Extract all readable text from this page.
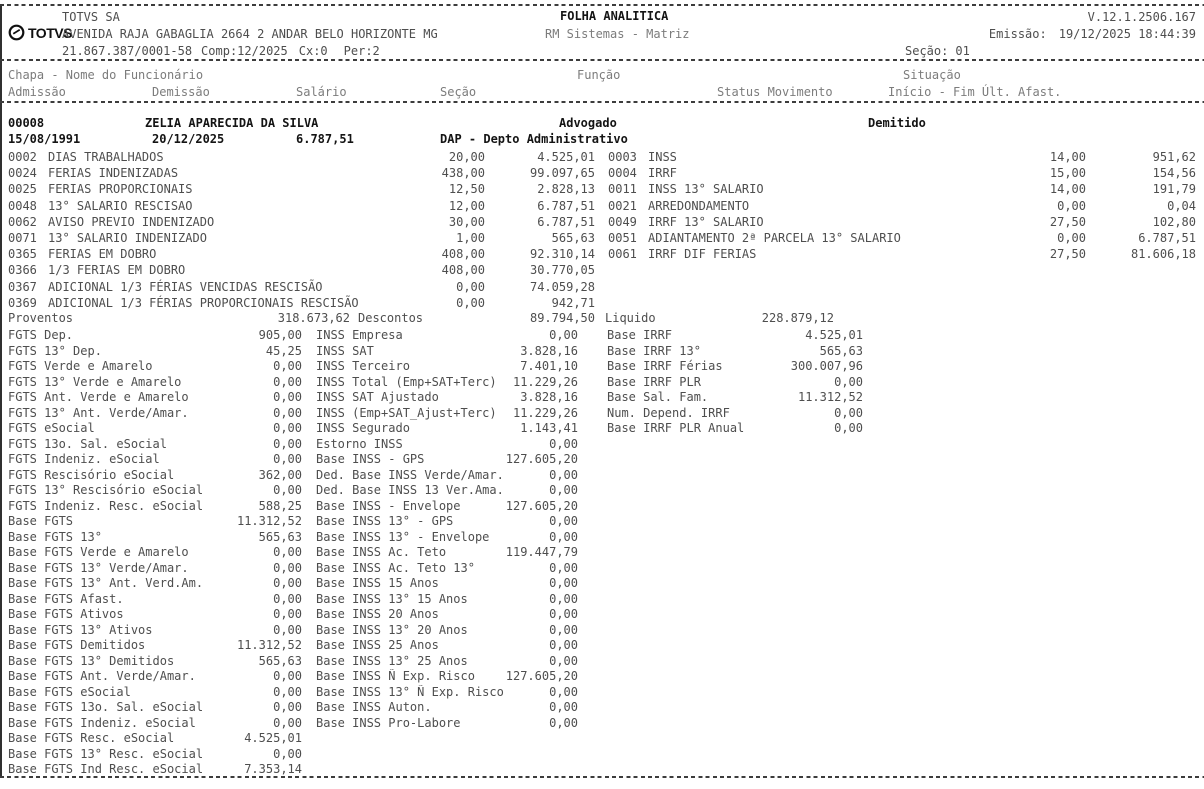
TOTVS SA	FOLHA ANALITICA	V.12.1.2506.167
TOTVS
AVENIDA RAJA GABAGLIA 2664 2 ANDAR BELO HORIZONTE MG	RM Sistemas - Matriz	Emissão: 19/12/2025 18:44:39
21.867.387/0001-58 Comp:12/2025 Cx:0 Per:2	Seção: 01
Chapa - Nome do Funcionário	Função	Situação
Admissão	Demissão	Salário	Seção	Status Movimento	Início - Fim Últ. Afast.
00008	ZELIA APARECIDA DA SILVA	Advogado	Demitido
15/08/1991	20/12/2025	6.787,51	DAP - Depto Administrativo
0002 DIAS TRABALHADOS	20,00	4.525,01
0024 FERIAS INDENIZADAS	438,00	99.097,65
0025 FERIAS PROPORCIONAIS	12,50	2.828,13
0048 13° SALARIO RESCISAO	12,00	6.787,51
0062 AVISO PREVIO INDENIZADO	30,00	6.787,51
0071 13° SALARIO INDENIZADO	1,00	565,63
0365 FERIAS EM DOBRO	408,00	92.310,14
0366 1/3 FERIAS EM DOBRO	408,00	30.770,05
0367 ADICIONAL 1/3 FÉRIAS VENCIDAS RESCISÃO	0,00	74.059,28
0369 ADICIONAL 1/3 FÉRIAS PROPORCIONAIS RESCISÃO	0,00	942,71
0003 INSS	14,00	951,62
0004 IRRF	15,00	154,56
0011 INSS 13° SALARIO	14,00	191,79
0021 ARREDONDAMENTO	0,00	0,04
0049 IRRF 13° SALARIO	27,50	102,80
0051 ADIANTAMENTO 2ª PARCELA 13° SALARIO	0,00	6.787,51
0061 IRRF DIF FERIAS	27,50	81.606,18
Proventos	318.673,62 Descontos	89.794,50 Liquido	228.879,12
FGTS Dep.	905,00
FGTS 13° Dep.	45,25
FGTS Verde e Amarelo	0,00
FGTS 13° Verde e Amarelo	0,00
FGTS Ant. Verde e Amarelo	0,00
FGTS 13° Ant. Verde/Amar.	0,00
FGTS eSocial	0,00
FGTS 13o. Sal. eSocial	0,00
FGTS Indeniz. eSocial	0,00
FGTS Rescisório eSocial	362,00
FGTS 13° Rescisório eSocial	0,00
FGTS Indeniz. Resc. eSocial	588,25
Base FGTS	11.312,52
Base FGTS 13°	565,63
Base FGTS Verde e Amarelo	0,00
Base FGTS 13° Verde/Amar.	0,00
Base FGTS 13° Ant. Verd.Am.	0,00
Base FGTS Afast.	0,00
Base FGTS Ativos	0,00
Base FGTS 13° Ativos	0,00
Base FGTS Demitidos	11.312,52
Base FGTS 13° Demitidos	565,63
Base FGTS Ant. Verde/Amar.	0,00
Base FGTS eSocial	0,00
Base FGTS 13o. Sal. eSocial	0,00
Base FGTS Indeniz. eSocial	0,00
Base FGTS Resc. eSocial	4.525,01
Base FGTS 13° Resc. eSocial	0,00
Base FGTS Ind Resc. eSocial	7.353,14
INSS Empresa	0,00
INSS SAT	3.828,16
INSS Terceiro	7.401,10
INSS Total (Emp+SAT+Terc)	11.229,26
INSS SAT Ajustado	3.828,16
INSS (Emp+SAT_Ajust+Terc)	11.229,26
INSS Segurado	1.143,41
Estorno INSS	0,00
Base INSS - GPS	127.605,20
Ded. Base INSS Verde/Amar.	0,00
Ded. Base INSS 13 Ver.Ama.	0,00
Base INSS - Envelope	127.605,20
Base INSS 13° - GPS	0,00
Base INSS 13° - Envelope	0,00
Base INSS Ac. Teto	119.447,79
Base INSS Ac. Teto 13°	0,00
Base INSS 15 Anos	0,00
Base INSS 13° 15 Anos	0,00
Base INSS 20 Anos	0,00
Base INSS 13° 20 Anos	0,00
Base INSS 25 Anos	0,00
Base INSS 13° 25 Anos	0,00
Base INSS Ñ Exp. Risco	127.605,20
Base INSS 13° Ñ Exp. Risco	0,00
Base INSS Auton.	0,00
Base INSS Pro-Labore	0,00
Base IRRF	4.525,01
Base IRRF 13°	565,63
Base IRRF Férias	300.007,96
Base IRRF PLR	0,00
Base Sal. Fam.	11.312,52
Num. Depend. IRRF	0,00
Base IRRF PLR Anual	0,00
